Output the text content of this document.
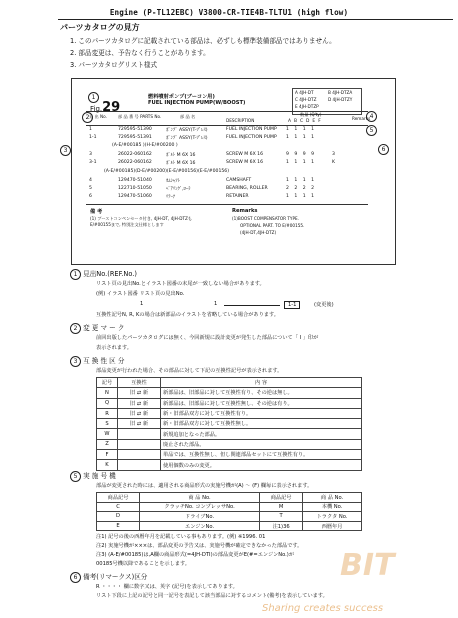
Engine (P-TL12EBC) V3800-CR-TIE4B-TLTU1 (high flow)
パーツカタログの見方
1. このパーツカタログに記載されている部品は、必ずしも標準装備部品ではありません。
2. 部品変更は、予告なく行うことがあります。
3. パーツカタログリスト様式
1
2
3
4
5
6
Fig.29
燃料噴射ポンプ(ブーコン用)
FUEL INJECTION PUMP(W/BOOST)
A 4JH-DT	B 4JH-DTZA
C 4JH-DTZ	D 4JH-DTZY
E 4JH-DTZP
見 出 No.	部 品 番 号 PARTS No.	部 品 名
DESCRIPTION
数量 (Q'ty)
Remarks
ABCDEF
1	729595-51390	ﾎﾟﾝﾌﾟ ASSY(T-ﾌﾟﾚｽ)	FUEL INJECTION PUMP 1 1 1 1
1-1	729595-51391	ﾎﾟﾝﾌﾟ ASSY(T-ﾌﾟﾚｽ)	FUEL INJECTION PUMP 1 1 1 1
(A-E/#00185 )(H-E/#00200 )
3	26022-060162	ﾎﾞﾙﾄ M 6X 16	SCREW M 6X 16	9 9 9 9	3
3-1	26022-060162	ﾎﾞﾙﾄ M 6X 16	SCREW M 6X 16	1 1 1 1	K
(A-E/#00185)(D-E/#00200)(E-E/#00156)(E-E/#00156)
4	129470-51040	ｶﾑｼｬﾌﾄ	CAMSHAFT	1 1 1 1
5	122710-51050	ﾍﾞｱﾘﾝｸﾞ,ﾛｰﾗ	BEARING, ROLLER	2 2 2 2
6	129470-51060	ﾘﾃｰﾅ	RETAINER	1 1 1 1
備 考
(1) ブーストコンペンセータ付き, 4JH-DT, 4JH-DTZも E/#00155まで, 特別注文仕様とします
Remarks
(1)BOOST COMPENSATOR TYPE.
OPTIONAL PART. TO E/#00155.
(4JH-DT,4JH-DTZ)
1 見出No.(REF.No.)
リスト頁の見出No.とイラスト図番の末尾が一致しない場合があります。
(例) イラスト図番 リスト頁の見出No.
1	1	1-1	(変更後)
互換性記号N, R, Kの場合は新部品のイラストを省略している場合があります。
2 変 更 マ ー ク
前回出版したパーツカタログには無く、今回新規に設計変更が発生した部品について「 I 」印が
表示されます。
3 互 換 性 区 分
部品変更が行われた場合、その部品に対して下記の互換性記号が表示されます。
記号	互換性	内 容
N	旧 ⇄ 新	新部品は、旧部品に対して互換性有り、その逆は無し。
Q	旧 ⇄ 新	新部品は、旧部品に対して互換性無し、その逆は有り。
R	旧 ⇄ 新	新・旧部品双方に対して互換性有り。
S	旧 ⇄ 新	新・旧部品双方に対して互換性無し。
W		新規追加となった部品。
Z		廃止された部品。
F		単品では、互換性無し、但し関連部品セットにて互換性有り。
K		使用個数のみの変更。
5 実 施 号 機
部品が変更された時には、適用される商品形式の実施号機が(A) ～ (F) 欄毎に表示されます。
商品記号	商 品 No.	商品記号	商 品 No.
C	クラッチNo. コンプレッサNo.	M	本機 No.
D	ドライブNo.	T	トラクタ No.
E	エンジンNo.	注1)36	西暦年月
注1) 記号の後の西暦年月を記載している事もあります。(例) ※1996. 01
注2) 実施号機が×××は、部品変更の予告又は、実施号機が確定できなかった部品です。
注3) (A-E/#00185)は,A欄の商品形式(=4JH-DTI)の部品変更がE(#=エンジンNo.)が
00185号機以降であることを示します。
6 備考(リマークス)区分
R ・・・・ 欄に数字又は、英字 (記号)を表示してあります。
リスト下段に上記の記号と同一記号を表記して該当部品に対するコメント(備考)を表示しています。
BIT
Sharing creates success
